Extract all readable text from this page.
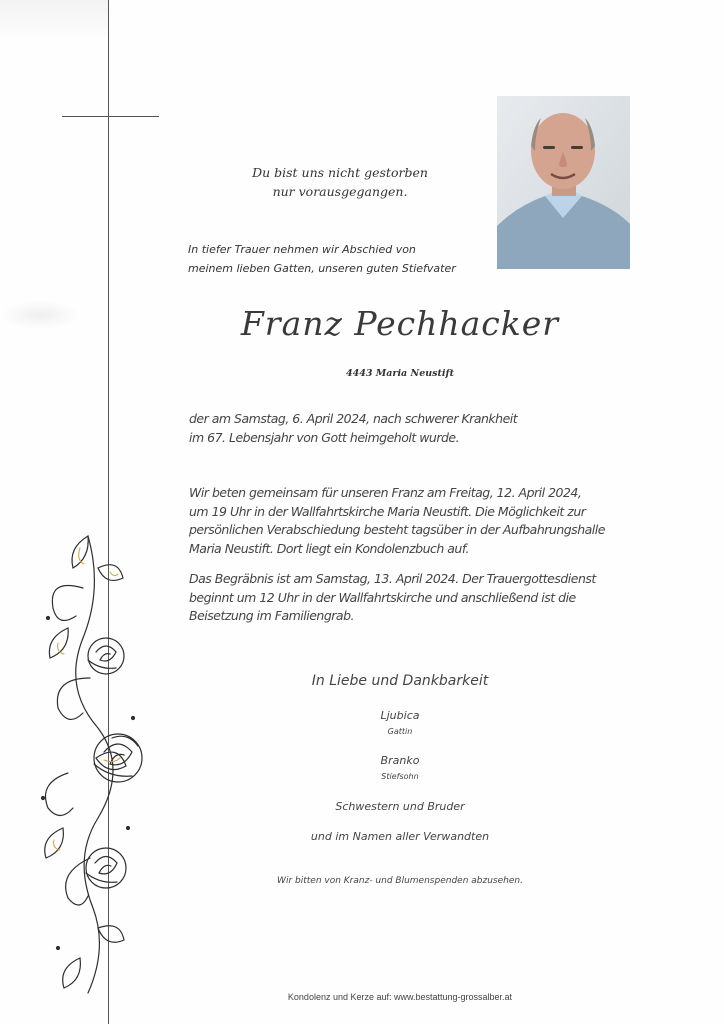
Du bist uns nicht gestorben
nur vorausgegangen.
In tiefer Trauer nehmen wir Abschied von
meinem lieben Gatten, unseren guten Stiefvater
Franz Pechhacker
4443 Maria Neustift
der am Samstag, 6. April 2024, nach schwerer Krankheit
im 67. Lebensjahr von Gott heimgeholt wurde.
Wir beten gemeinsam für unseren Franz am Freitag, 12. April 2024,
um 19 Uhr in der Wallfahrtskirche Maria Neustift. Die Möglichkeit zur
persönlichen Verabschiedung besteht tagsüber in der Aufbahrungshalle
Maria Neustift. Dort liegt ein Kondolenzbuch auf.
Das Begräbnis ist am Samstag, 13. April 2024. Der Trauergottesdienst
beginnt um 12 Uhr in der Wallfahrtskirche und anschließend ist die
Beisetzung im Familiengrab.
In Liebe und Dankbarkeit
Ljubica
Gattin
Branko
Stiefsohn
Schwestern und Bruder
und im Namen aller Verwandten
Wir bitten von Kranz- und Blumenspenden abzusehen.
Kondolenz und Kerze auf: www.bestattung-grossalber.at
